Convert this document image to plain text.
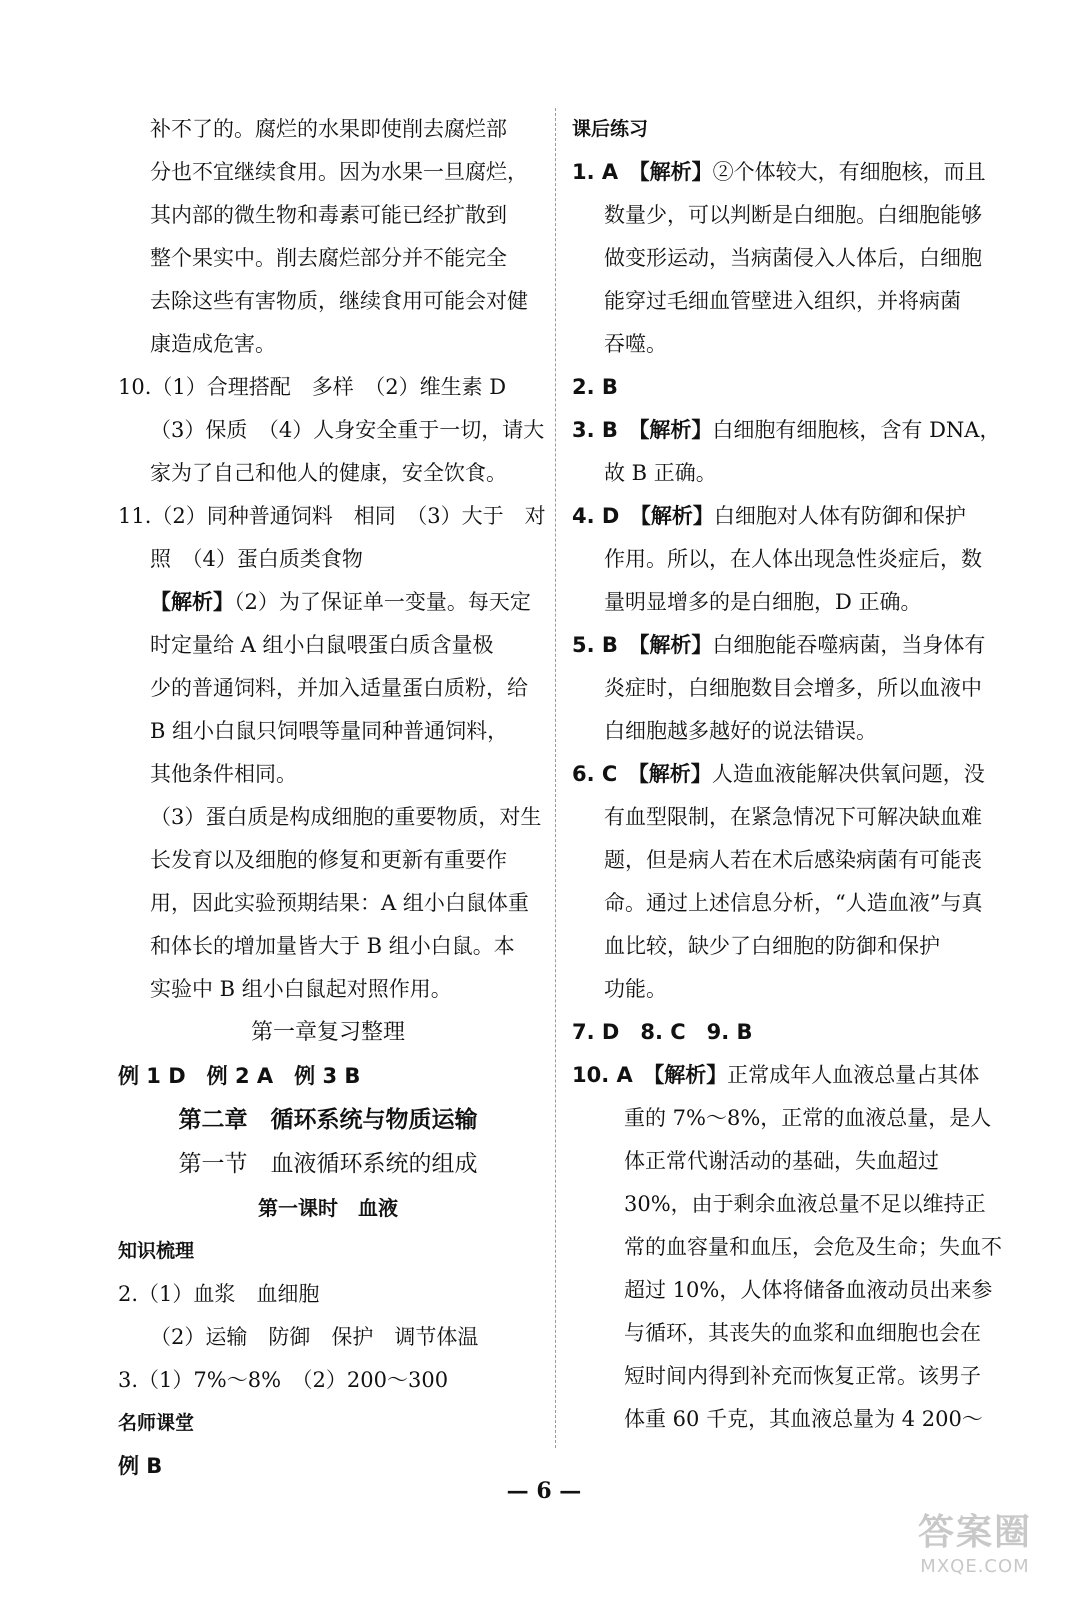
补不了的。腐烂的水果即使削去腐烂部
分也不宜继续食用。因为水果一旦腐烂，
其内部的微生物和毒素可能已经扩散到
整个果实中。削去腐烂部分并不能完全
去除这些有害物质，继续食用可能会对健
康造成危害。
10.（1）合理搭配　多样　（2）维生素 D
（3）保质　（4）人身安全重于一切，请大
家为了自己和他人的健康，安全饮食。
11.（2）同种普通饲料　相同　（3）大于　对
照　（4）蛋白质类食物
【解析】（2）为了保证单一变量。每天定
时定量给 A 组小白鼠喂蛋白质含量极
少的普通饲料，并加入适量蛋白质粉，给
B 组小白鼠只饲喂等量同种普通饲料，
其他条件相同。
（3）蛋白质是构成细胞的重要物质，对生
长发育以及细胞的修复和更新有重要作
用，因此实验预期结果：A 组小白鼠体重
和体长的增加量皆大于 B 组小白鼠。本
实验中 B 组小白鼠起对照作用。
第一章复习整理
例 1 D　例 2 A　例 3 B
第二章　循环系统与物质运输
第一节　血液循环系统的组成
第一课时　血液
知识梳理
2.（1）血浆　血细胞
（2）运输　防御　保护　调节体温
3.（1）7%～8%　（2）200～300
名师课堂
例 B
课后练习
1. A　 【解析】②个体较大，有细胞核，而且
数量少，可以判断是白细胞。白细胞能够
做变形运动，当病菌侵入人体后，白细胞
能穿过毛细血管壁进入组织，并将病菌
吞噬。
2. B
3. B　 【解析】白细胞有细胞核，含有 DNA，
故 B 正确。
4. D　 【解析】白细胞对人体有防御和保护
作用。所以，在人体出现急性炎症后，数
量明显增多的是白细胞，D 正确。
5. B　 【解析】白细胞能吞噬病菌，当身体有
炎症时，白细胞数目会增多，所以血液中
白细胞越多越好的说法错误。
6. C　 【解析】人造血液能解决供氧问题，没
有血型限制，在紧急情况下可解决缺血难
题，但是病人若在术后感染病菌有可能丧
命。通过上述信息分析，“人造血液”与真
血比较，缺少了白细胞的防御和保护
功能。
7. D　8. C　9. B
10. A　 【解析】正常成年人血液总量占其体
重的 7%～8%，正常的血液总量，是人
体正常代谢活动的基础，失血超过
30%，由于剩余血液总量不足以维持正
常的血容量和血压，会危及生命；失血不
超过 10%，人体将储备血液动员出来参
与循环，其丧失的血浆和血细胞也会在
短时间内得到补充而恢复正常。该男子
体重 60 千克，其血液总量为 4 200～
— 6 —
答案圈
MXQE.COM
